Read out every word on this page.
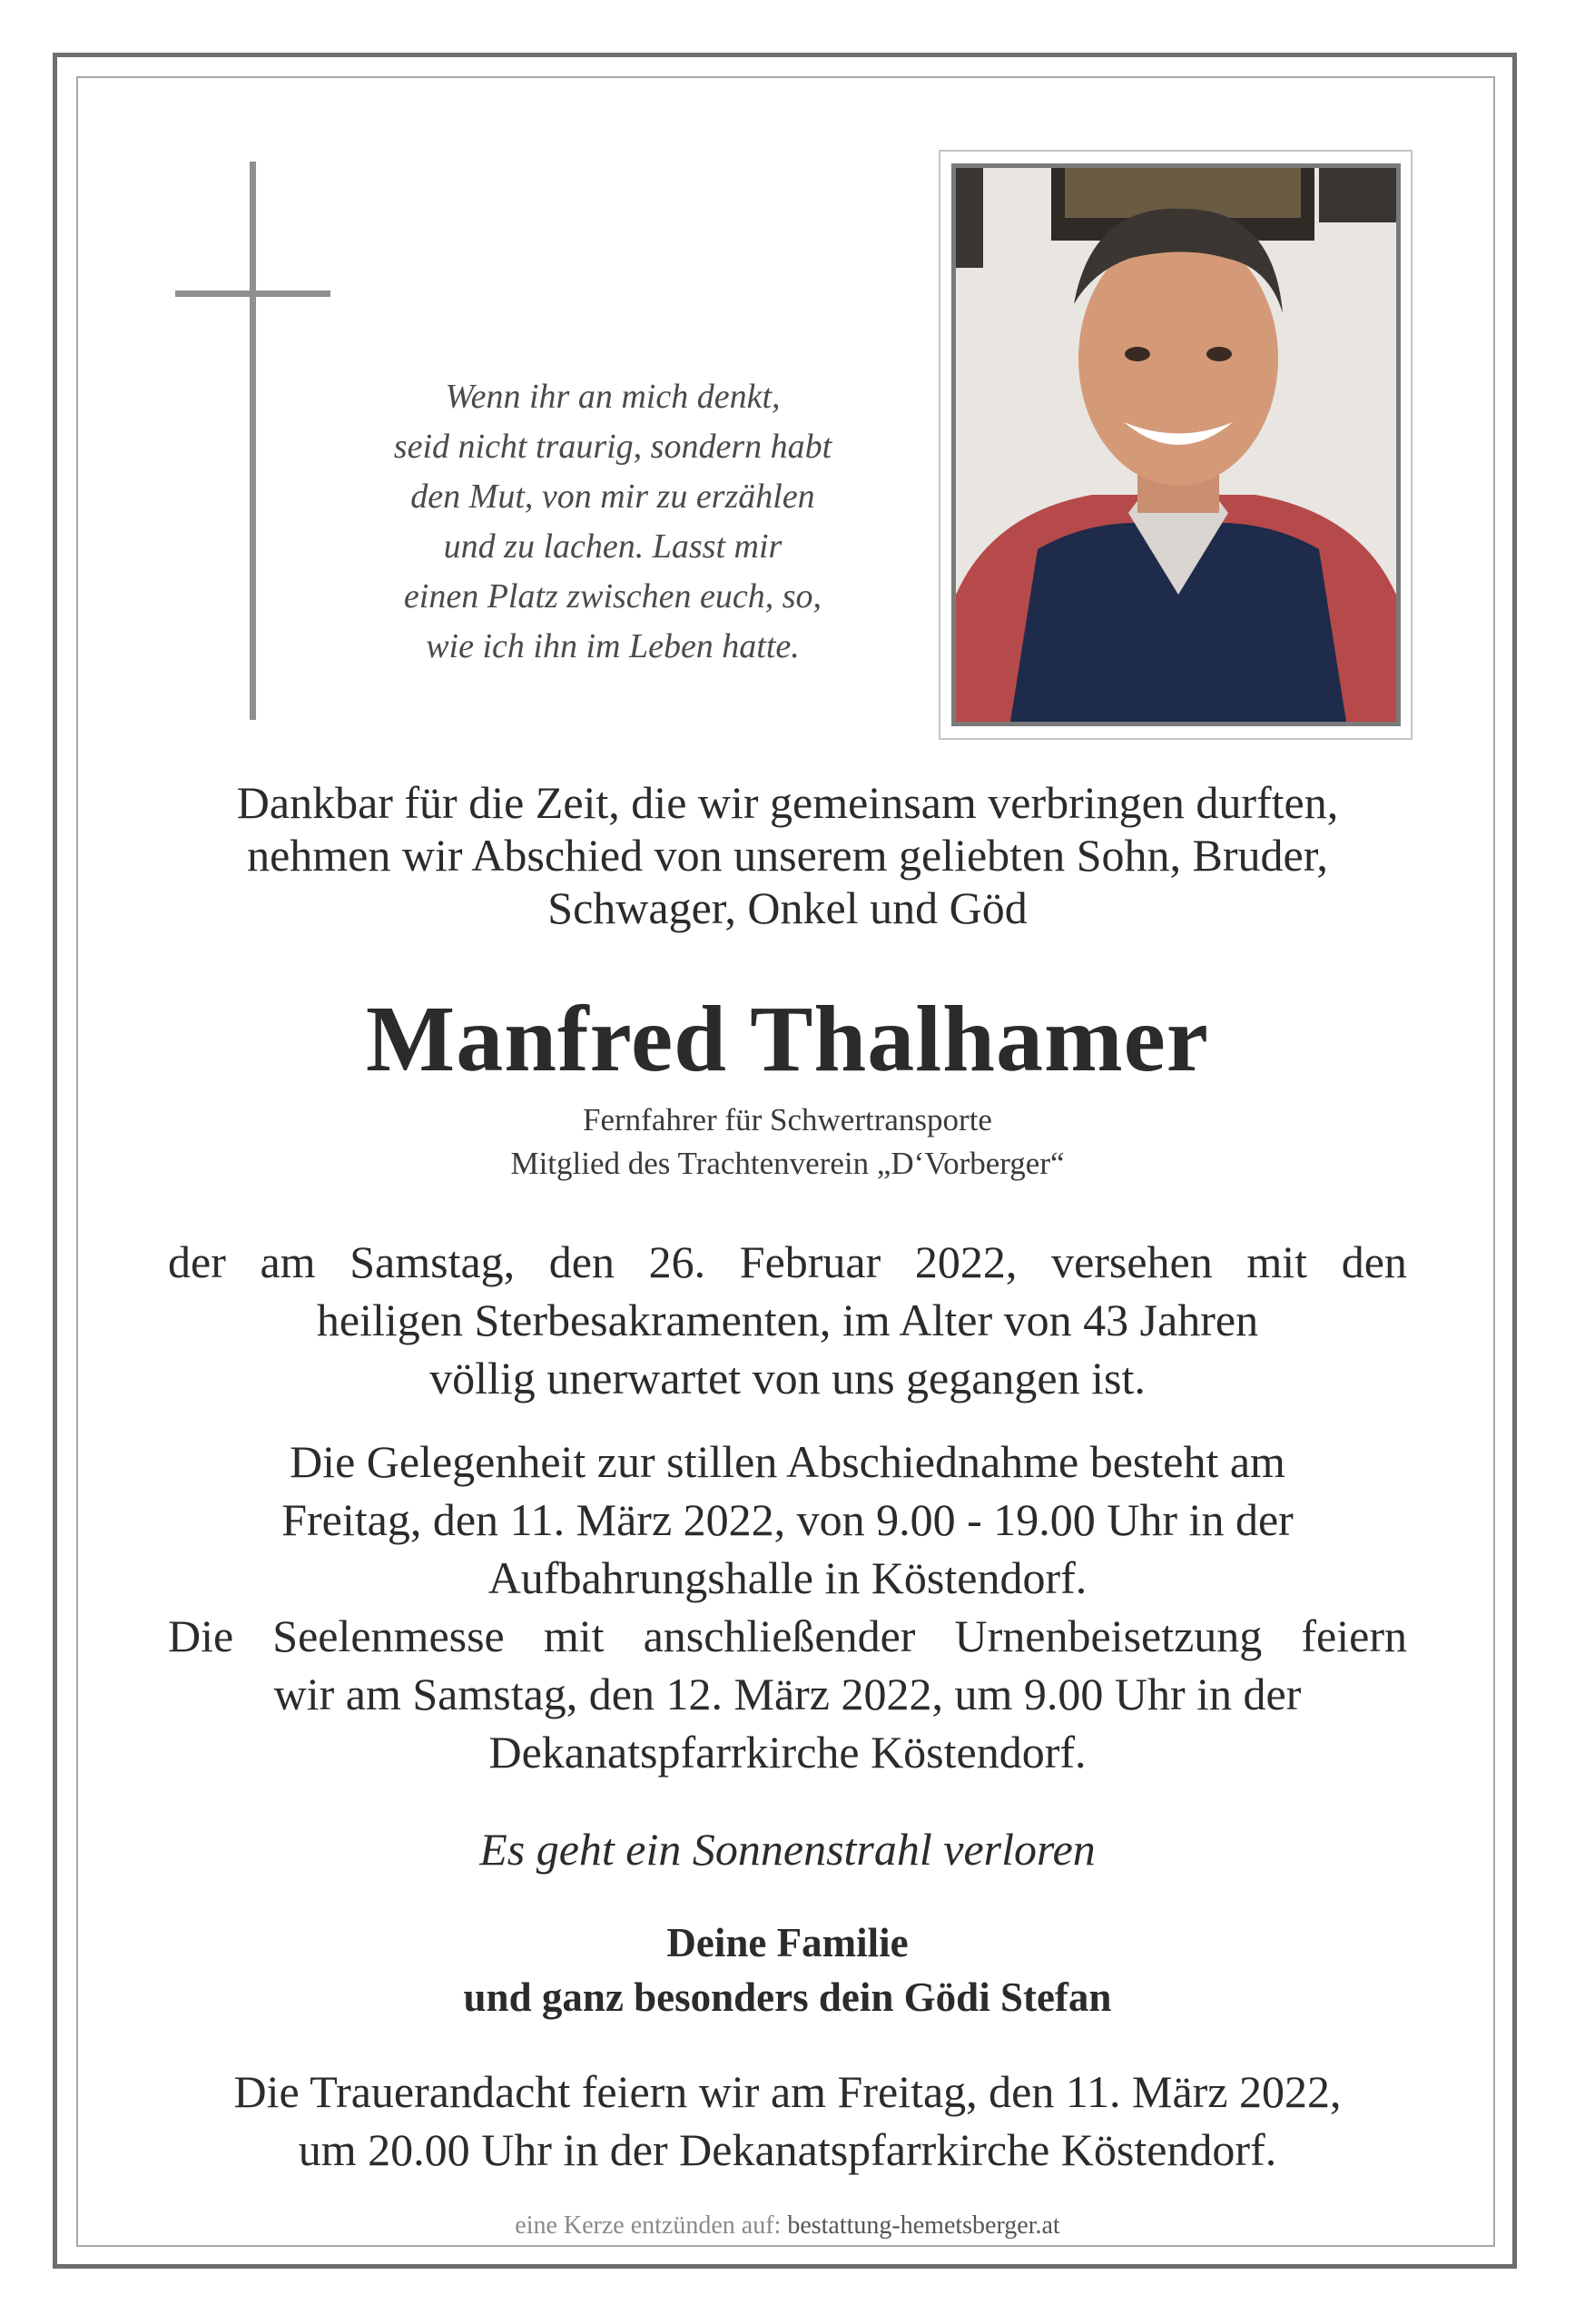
Wenn ihr an mich denkt,
seid nicht traurig, sondern habt
den Mut, von mir zu erzählen
und zu lachen. Lasst mir
einen Platz zwischen euch, so,
wie ich ihn im Leben hatte.
Dankbar für die Zeit, die wir gemeinsam verbringen durften,
nehmen wir Abschied von unserem geliebten Sohn, Bruder,
Schwager, Onkel und Göd
Manfred Thalhamer
Fernfahrer für Schwertransporte
Mitglied des Trachtenverein „D‘Vorberger“
der am Samstag, den 26. Februar 2022, versehen mit den
heiligen Sterbesakramenten, im Alter von 43 Jahren
völlig unerwartet von uns gegangen ist.
Die Gelegenheit zur stillen Abschiednahme besteht am
Freitag, den 11. März 2022, von 9.00 - 19.00 Uhr in der
Aufbahrungshalle in Köstendorf.
Die Seelenmesse mit anschließender Urnenbeisetzung feiern
wir am Samstag, den 12. März 2022, um 9.00 Uhr in der
Dekanatspfarrkirche Köstendorf.
Es geht ein Sonnenstrahl verloren
Deine Familie
und ganz besonders dein Gödi Stefan
Die Trauerandacht feiern wir am Freitag, den 11. März 2022,
um 20.00 Uhr in der Dekanatspfarrkirche Köstendorf.
eine Kerze entzünden auf: bestattung-hemetsberger.at
